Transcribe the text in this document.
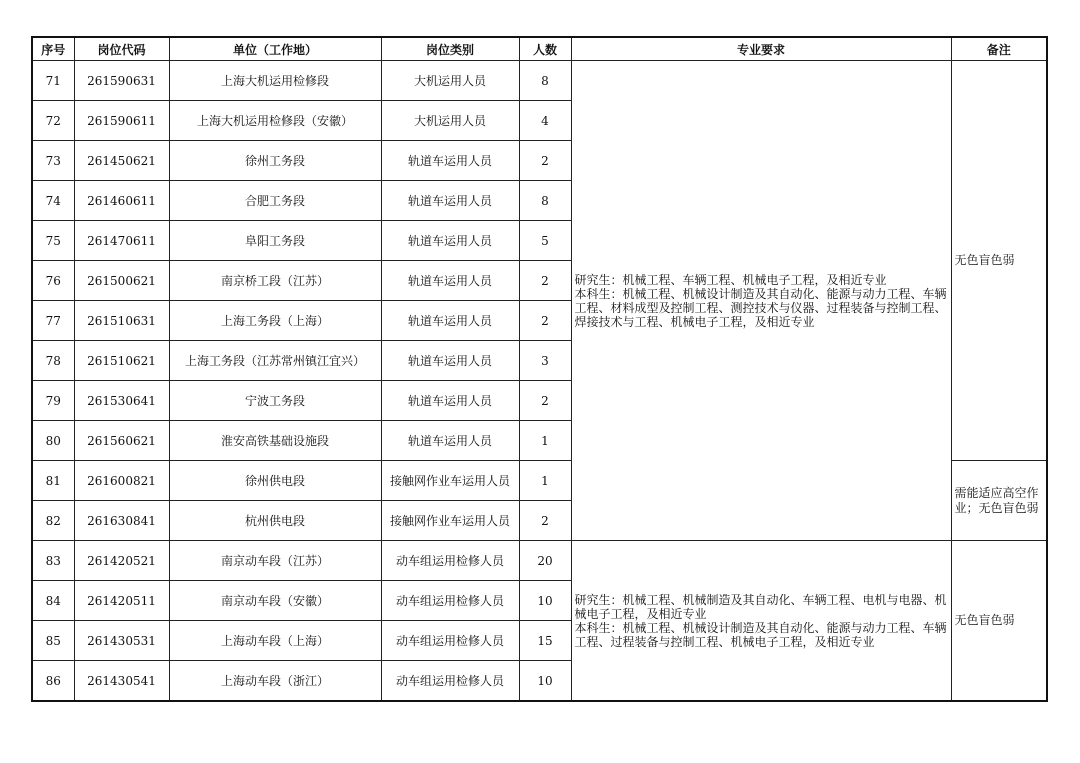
序号	岗位代码	单位（工作地）	岗位类别	人数	专业要求	备注
71	261590631	上海大机运用检修段	大机运用人员	8	研究生：机械工程、车辆工程、机械电子工程，及相近专业
本科生：机械工程、机械设计制造及其自动化、能源与动力工程、车辆工程、材料成型及控制工程、测控技术与仪器、过程装备与控制工程、焊接技术与工程、机械电子工程，及相近专业	无色盲色弱
72	261590611	上海大机运用检修段（安徽）	大机运用人员	4		
73	261450621	徐州工务段	轨道车运用人员	2		
74	261460611	合肥工务段	轨道车运用人员	8		
75	261470611	阜阳工务段	轨道车运用人员	5		
76	261500621	南京桥工段（江苏）	轨道车运用人员	2		
77	261510631	上海工务段（上海）	轨道车运用人员	2		
78	261510621	上海工务段（江苏常州镇江宜兴）	轨道车运用人员	3		
79	261530641	宁波工务段	轨道车运用人员	2		
80	261560621	淮安高铁基础设施段	轨道车运用人员	1		
81	261600821	徐州供电段	接触网作业车运用人员	1		需能适应高空作业；无色盲色弱
82	261630841	杭州供电段	接触网作业车运用人员	2		
83	261420521	南京动车段（江苏）	动车组运用检修人员	20	研究生：机械工程、机械制造及其自动化、车辆工程、电机与电器、机械电子工程，及相近专业
本科生：机械工程、机械设计制造及其自动化、能源与动力工程、车辆工程、过程装备与控制工程、机械电子工程，及相近专业	无色盲色弱
84	261420511	南京动车段（安徽）	动车组运用检修人员	10		
85	261430531	上海动车段（上海）	动车组运用检修人员	15		
86	261430541	上海动车段（浙江）	动车组运用检修人员	10		
